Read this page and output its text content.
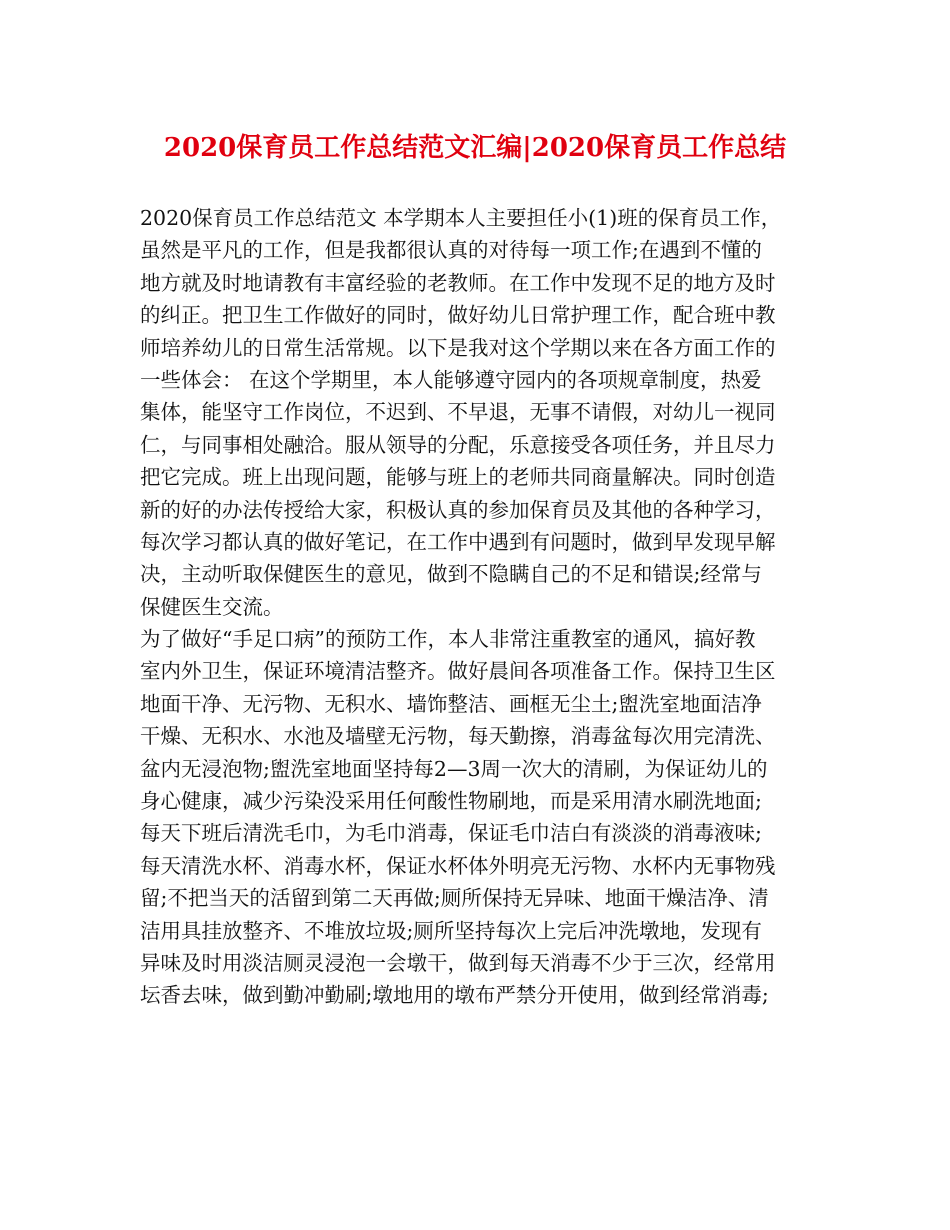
2020保育员工作总结范文汇编|2020保育员工作总结
2020保育员工作总结范文 本学期本人主要担任小(1)班的保育员工作，
虽然是平凡的工作，但是我都很认真的对待每一项工作;在遇到不懂的
地方就及时地请教有丰富经验的老教师。在工作中发现不足的地方及时
的纠正。把卫生工作做好的同时，做好幼儿日常护理工作，配合班中教
师培养幼儿的日常生活常规。以下是我对这个学期以来在各方面工作的
一些体会： 在这个学期里，本人能够遵守园内的各项规章制度，热爱
集体，能坚守工作岗位，不迟到、不早退，无事不请假，对幼儿一视同
仁，与同事相处融洽。服从领导的分配，乐意接受各项任务，并且尽力
把它完成。班上出现问题，能够与班上的老师共同商量解决。同时创造
新的好的办法传授给大家，积极认真的参加保育员及其他的各种学习，
每次学习都认真的做好笔记，在工作中遇到有问题时，做到早发现早解
决，主动听取保健医生的意见，做到不隐瞒自己的不足和错误;经常与
保健医生交流。
为了做好“手足口病”的预防工作，本人非常注重教室的通风，搞好教
室内外卫生，保证环境清洁整齐。做好晨间各项准备工作。保持卫生区
地面干净、无污物、无积水、墙饰整洁、画框无尘土;盥洗室地面洁净
干燥、无积水、水池及墙壁无污物，每天勤擦，消毒盆每次用完清洗、
盆内无浸泡物;盥洗室地面坚持每2—3周一次大的清刷，为保证幼儿的
身心健康，减少污染没采用任何酸性物刷地，而是采用清水刷洗地面;
每天下班后清洗毛巾，为毛巾消毒，保证毛巾洁白有淡淡的消毒液味;
每天清洗水杯、消毒水杯，保证水杯体外明亮无污物、水杯内无事物残
留;不把当天的活留到第二天再做;厕所保持无异味、地面干燥洁净、清
洁用具挂放整齐、不堆放垃圾;厕所坚持每次上完后冲洗墩地，发现有
异味及时用淡洁厕灵浸泡一会墩干，做到每天消毒不少于三次，经常用
坛香去味，做到勤冲勤刷;墩地用的墩布严禁分开使用，做到经常消毒;
